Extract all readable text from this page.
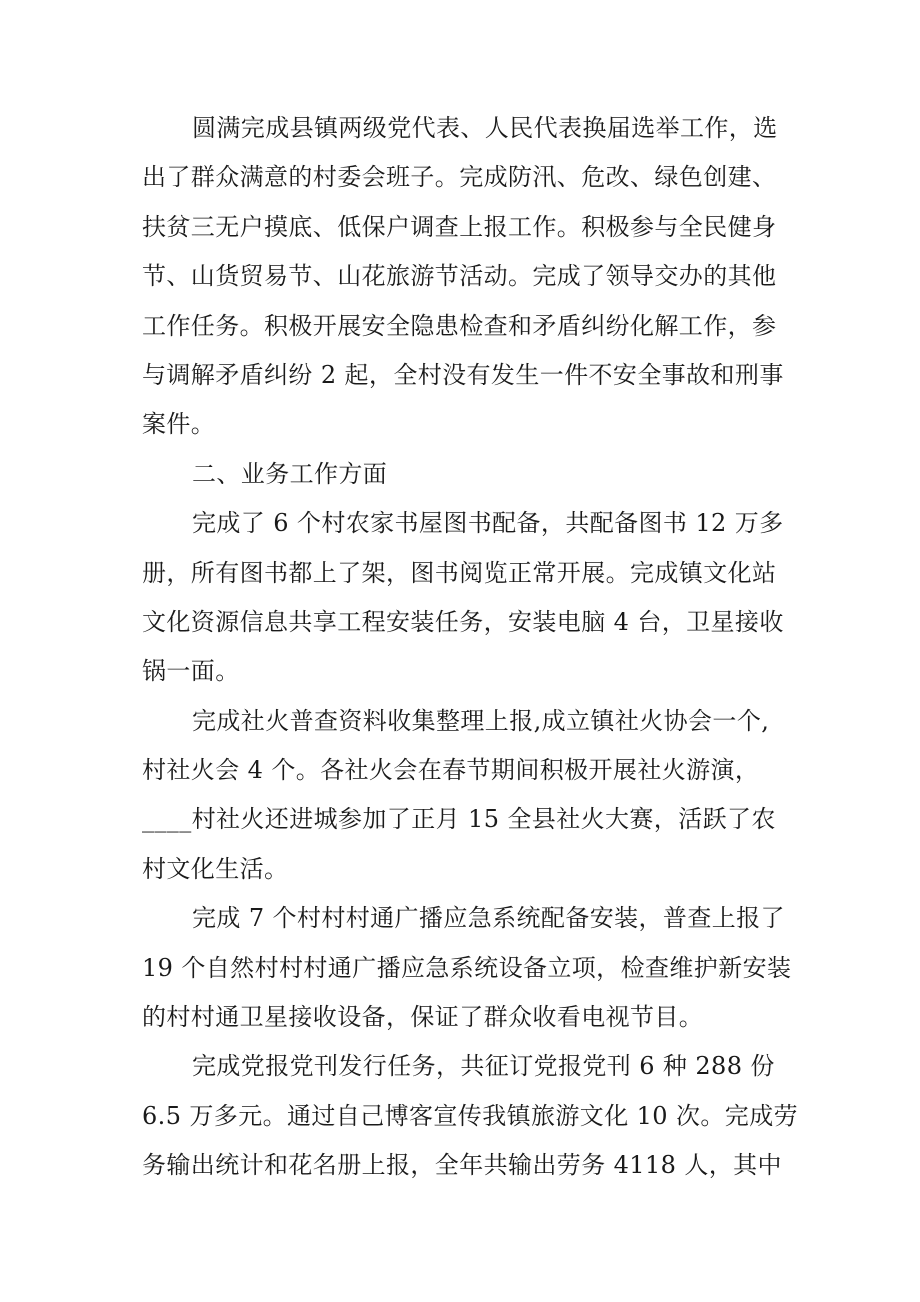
圆满完成县镇两级党代表、人民代表换届选举工作，选
出了群众满意的村委会班子。完成防汛、危改、绿色创建、
扶贫三无户摸底、低保户调查上报工作。积极参与全民健身
节、山货贸易节、山花旅游节活动。完成了领导交办的其他
工作任务。积极开展安全隐患检查和矛盾纠纷化解工作，参
与调解矛盾纠纷 2 起，全村没有发生一件不安全事故和刑事
案件。
二、业务工作方面
完成了 6 个村农家书屋图书配备，共配备图书 12 万多
册，所有图书都上了架，图书阅览正常开展。完成镇文化站
文化资源信息共享工程安装任务，安装电脑 4 台，卫星接收
锅一面。
完成社火普查资料收集整理上报,成立镇社火协会一个,
村社火会 4 个。各社火会在春节期间积极开展社火游演，
____村社火还进城参加了正月 15 全县社火大赛，活跃了农
村文化生活。
完成 7 个村村村通广播应急系统配备安装，普查上报了
19 个自然村村村通广播应急系统设备立项，检查维护新安装
的村村通卫星接收设备，保证了群众收看电视节目。
完成党报党刊发行任务，共征订党报党刊 6 种 288 份
6.5 万多元。通过自己博客宣传我镇旅游文化 10 次。完成劳
务输出统计和花名册上报，全年共输出劳务 4118 人，其中
